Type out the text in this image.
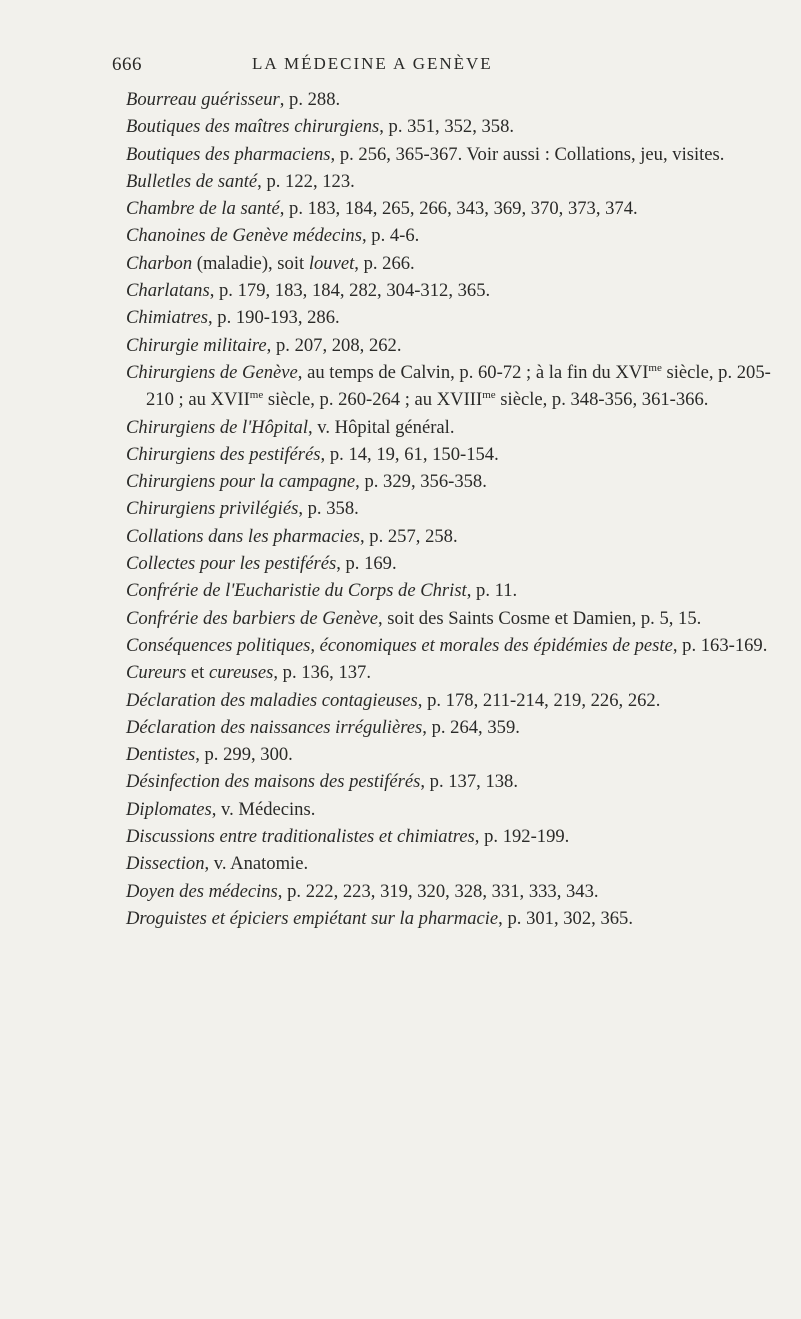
666	LA MÉDECINE A GENÈVE

Bourreau guérisseur, p. 288.

Boutiques des maîtres chirurgiens, p. 351, 352, 358.

Boutiques des pharmaciens, p. 256, 365-367. Voir aussi : Collations, jeu, visites.

Bulletles de santé, p. 122, 123.

Chambre de la santé, p. 183, 184, 265, 266, 343, 369, 370, 373, 374.

Chanoines de Genève médecins, p. 4-6.

Charbon (maladie), soit louvet, p. 266.

Charlatans, p. 179, 183, 184, 282, 304-312, 365.

Chimiatres, p. 190-193, 286.

Chirurgie militaire, p. 207, 208, 262.

Chirurgiens de Genève, au temps de Calvin, p. 60-72 ; à la fin du $XVI^{me}$ siècle, p. 205-210 ; au $XVII^{me}$ siècle, p. 260-264 ; au $XVIII^{me}$ siècle, p. 348-356, 361-366.

Chirurgiens de l'Hôpital, v. Hôpital général.

Chirurgiens des pestiférés, p. 14, 19, 61, 150-154.

Chirurgiens pour la campagne, p. 329, 356-358.

Chirurgiens privilégiés, p. 358.

Collations dans les pharmacies, p. 257, 258.

Collectes pour les pestiférés, p. 169.

Confrérie de l'Eucharistie du Corps de Christ, p. 11.

Confrérie des barbiers de Genève, soit des Saints Cosme et Damien, p. 5, 15.

Conséquences politiques, économiques et morales des épidémies de peste, p. 163-169.

Cureurs et cureuses, p. 136, 137.

Déclaration des maladies contagieuses, p. 178, 211-214, 219, 226, 262.

Déclaration des naissances irrégulières, p. 264, 359.

Dentistes, p. 299, 300.

Désinfection des maisons des pestiférés, p. 137, 138.

Diplomates, v. Médecins.

Discussions entre traditionalistes et chimiatres, p. 192-199.

Dissection, v. Anatomie.

Doyen des médecins, p. 222, 223, 319, 320, 328, 331, 333, 343.

Droguistes et épiciers empiétant sur la pharmacie, p. 301, 302, 365.
